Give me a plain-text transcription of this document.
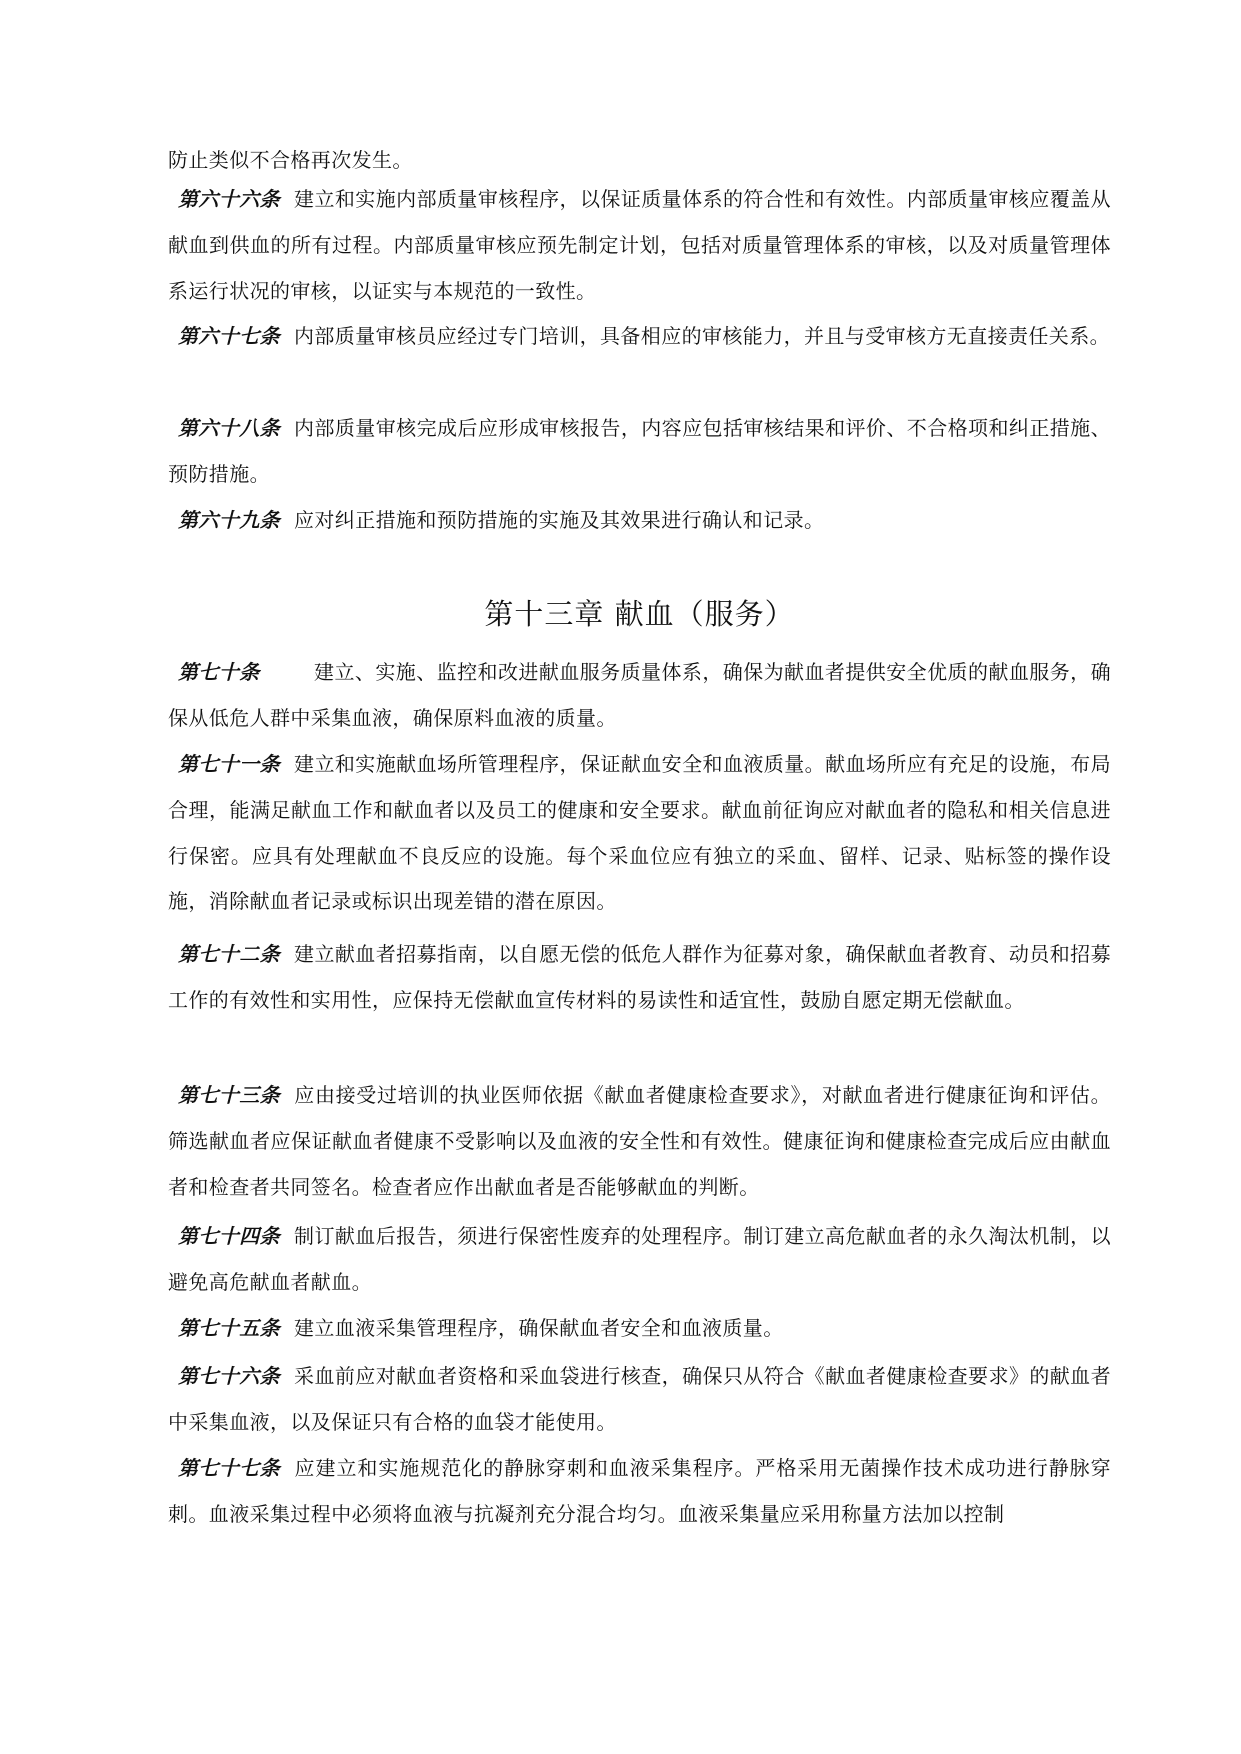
防止类似不合格再次发生。

第六十六条 建立和实施内部质量审核程序，以保证质量体系的符合性和有效性。内部质量审核应覆盖从献血到供血的所有过程。内部质量审核应预先制定计划，包括对质量管理体系的审核，以及对质量管理体系运行状况的审核，以证实与本规范的一致性。

第六十七条 内部质量审核员应经过专门培训，具备相应的审核能力，并且与受审核方无直接责任关系。

第六十八条 内部质量审核完成后应形成审核报告，内容应包括审核结果和评价、不合格项和纠正措施、预防措施。

第六十九条 应对纠正措施和预防措施的实施及其效果进行确认和记录。

第十三章 献血（服务）

第七十条	建立、实施、监控和改进献血服务质量体系，确保为献血者提供安全优质的献血服务，确保从低危人群中采集血液，确保原料血液的质量。

第七十一条 建立和实施献血场所管理程序，保证献血安全和血液质量。献血场所应有充足的设施，布局合理，能满足献血工作和献血者以及员工的健康和安全要求。献血前征询应对献血者的隐私和相关信息进行保密。应具有处理献血不良反应的设施。每个采血位应有独立的采血、留样、记录、贴标签的操作设施，消除献血者记录或标识出现差错的潜在原因。

第七十二条 建立献血者招募指南，以自愿无偿的低危人群作为征募对象，确保献血者教育、动员和招募工作的有效性和实用性，应保持无偿献血宣传材料的易读性和适宜性，鼓励自愿定期无偿献血。

第七十三条 应由接受过培训的执业医师依据《献血者健康检查要求》，对献血者进行健康征询和评估。筛选献血者应保证献血者健康不受影响以及血液的安全性和有效性。健康征询和健康检查完成后应由献血者和检查者共同签名。检查者应作出献血者是否能够献血的判断。

第七十四条 制订献血后报告，须进行保密性废弃的处理程序。制订建立高危献血者的永久淘汰机制，以避免高危献血者献血。

第七十五条 建立血液采集管理程序，确保献血者安全和血液质量。

第七十六条 采血前应对献血者资格和采血袋进行核查，确保只从符合《献血者健康检查要求》的献血者中采集血液，以及保证只有合格的血袋才能使用。

第七十七条 应建立和实施规范化的静脉穿刺和血液采集程序。严格采用无菌操作技术成功进行静脉穿刺。血液采集过程中必须将血液与抗凝剂充分混合均匀。血液采集量应采用称量方法加以控制
